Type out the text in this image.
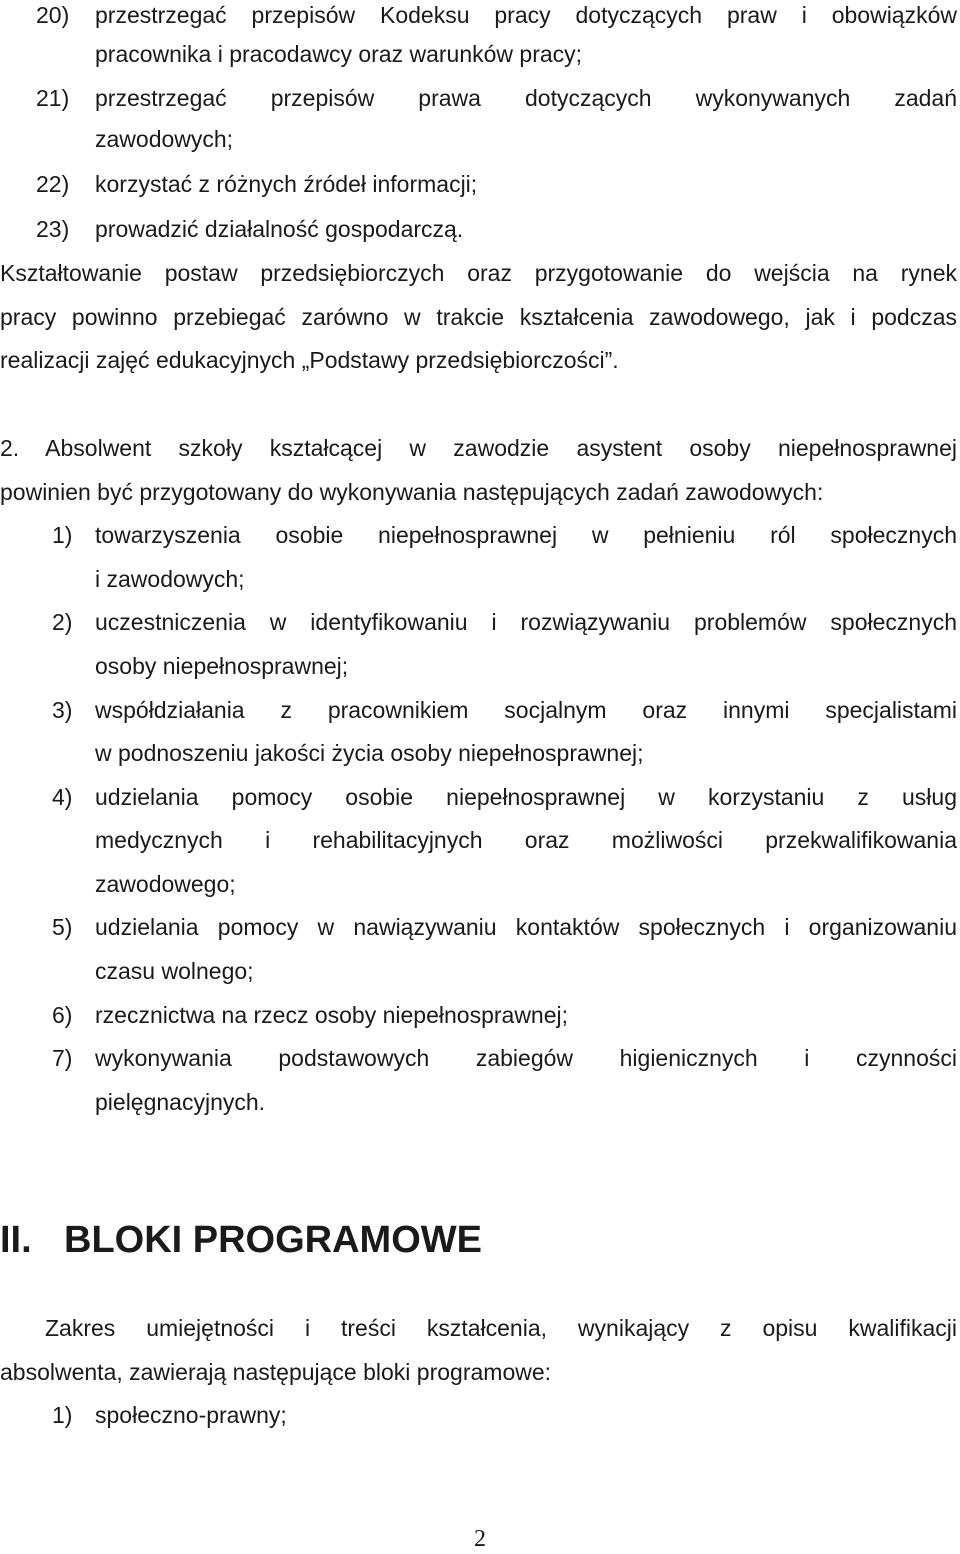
20)	przestrzegać przepisów Kodeksu pracy dotyczących praw i obowiązków
pracownika i pracodawcy oraz warunków pracy;
21)	przestrzegać przepisów prawa dotyczących wykonywanych zadań
zawodowych;
22)	korzystać z różnych źródeł informacji;
23)	prowadzić działalność gospodarczą.
Kształtowanie postaw przedsiębiorczych oraz przygotowanie do wejścia na rynek
pracy powinno przebiegać zarówno w trakcie kształcenia zawodowego, jak i podczas
realizacji zajęć edukacyjnych „Podstawy przedsiębiorczości”.
2. Absolwent szkoły kształcącej w zawodzie asystent osoby niepełnosprawnej
powinien być przygotowany do wykonywania następujących zadań zawodowych:
1) towarzyszenia osobie niepełnosprawnej w pełnieniu ról społecznych
i zawodowych;
2) uczestniczenia w identyfikowaniu i rozwiązywaniu problemów społecznych
osoby niepełnosprawnej;
3) współdziałania z pracownikiem socjalnym oraz innymi specjalistami
w podnoszeniu jakości życia osoby niepełnosprawnej;
4) udzielania pomocy osobie niepełnosprawnej w korzystaniu z usług
medycznych i rehabilitacyjnych oraz możliwości przekwalifikowania
zawodowego;
5) udzielania pomocy w nawiązywaniu kontaktów społecznych i organizowaniu
czasu wolnego;
6) rzecznictwa na rzecz osoby niepełnosprawnej;
7) wykonywania podstawowych zabiegów higienicznych i czynności
pielęgnacyjnych.
II. BLOKI PROGRAMOWE
Zakres umiejętności i treści kształcenia, wynikający z opisu kwalifikacji
absolwenta, zawierają następujące bloki programowe:
1) społeczno-prawny;
2
